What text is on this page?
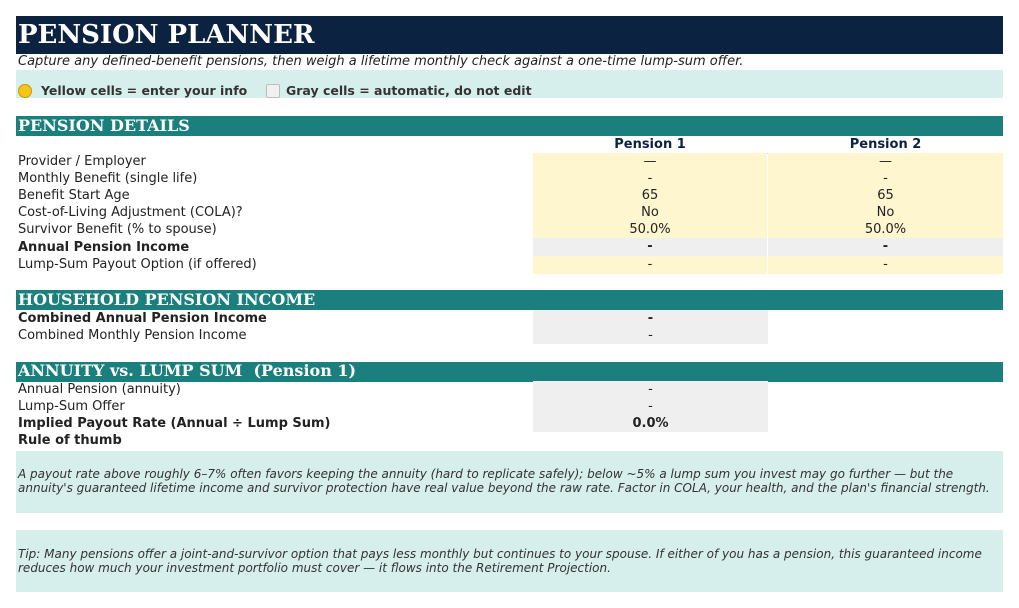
PENSION PLANNER
Capture any defined-benefit pensions, then weigh a lifetime monthly check against a one-time lump-sum offer.
Yellow cells = enter your info	Gray cells = automatic, do not edit
PENSION DETAILS
Pension 1	Pension 2
Provider / Employer	—	—
Monthly Benefit (single life)	-	-
Benefit Start Age	65	65
Cost-of-Living Adjustment (COLA)?	No	No
Survivor Benefit (% to spouse)	50.0%	50.0%
Annual Pension Income	-	-
Lump-Sum Payout Option (if offered)	-	-
HOUSEHOLD PENSION INCOME
Combined Annual Pension Income	-
Combined Monthly Pension Income	-
ANNUITY vs. LUMP SUM  (Pension 1)
Annual Pension (annuity)	-
Lump-Sum Offer	-
Implied Payout Rate (Annual ÷ Lump Sum)	0.0%
Rule of thumb
A payout rate above roughly 6–7% often favors keeping the annuity (hard to replicate safely); below ~5% a lump sum you invest may go further — but the annuity's guaranteed lifetime income and survivor protection have real value beyond the raw rate. Factor in COLA, your health, and the plan's financial strength.
Tip: Many pensions offer a joint-and-survivor option that pays less monthly but continues to your spouse. If either of you has a pension, this guaranteed income reduces how much your investment portfolio must cover — it flows into the Retirement Projection.
